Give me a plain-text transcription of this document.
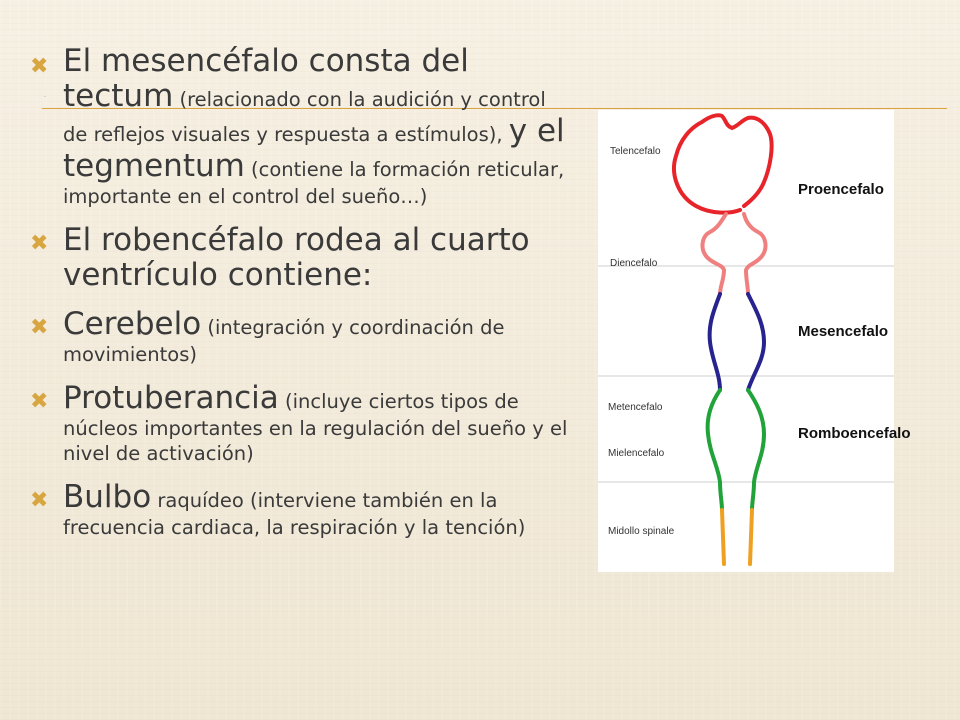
.
✖ El mesencéfalo consta del tectum (relacionado con la audición y control de reflejos visuales y respuesta a estímulos), y el tegmentum (contiene la formación reticular, importante en el control del sueño…)
✖ El robencéfalo rodea al cuarto ventrículo contiene:
✖ Cerebelo (integración y coordinación de movimientos)
✖ Protuberancia (incluye ciertos tipos de núcleos importantes en la regulación del sueño y el nivel de activación)
✖ Bulbo raquídeo (interviene también en la frecuencia cardiaca, la respiración y la tención)
Telencefalo
Diencefalo
Metencefalo
Mielencefalo
Midollo spinale
Proencefalo
Mesencefalo
Romboencefalo
